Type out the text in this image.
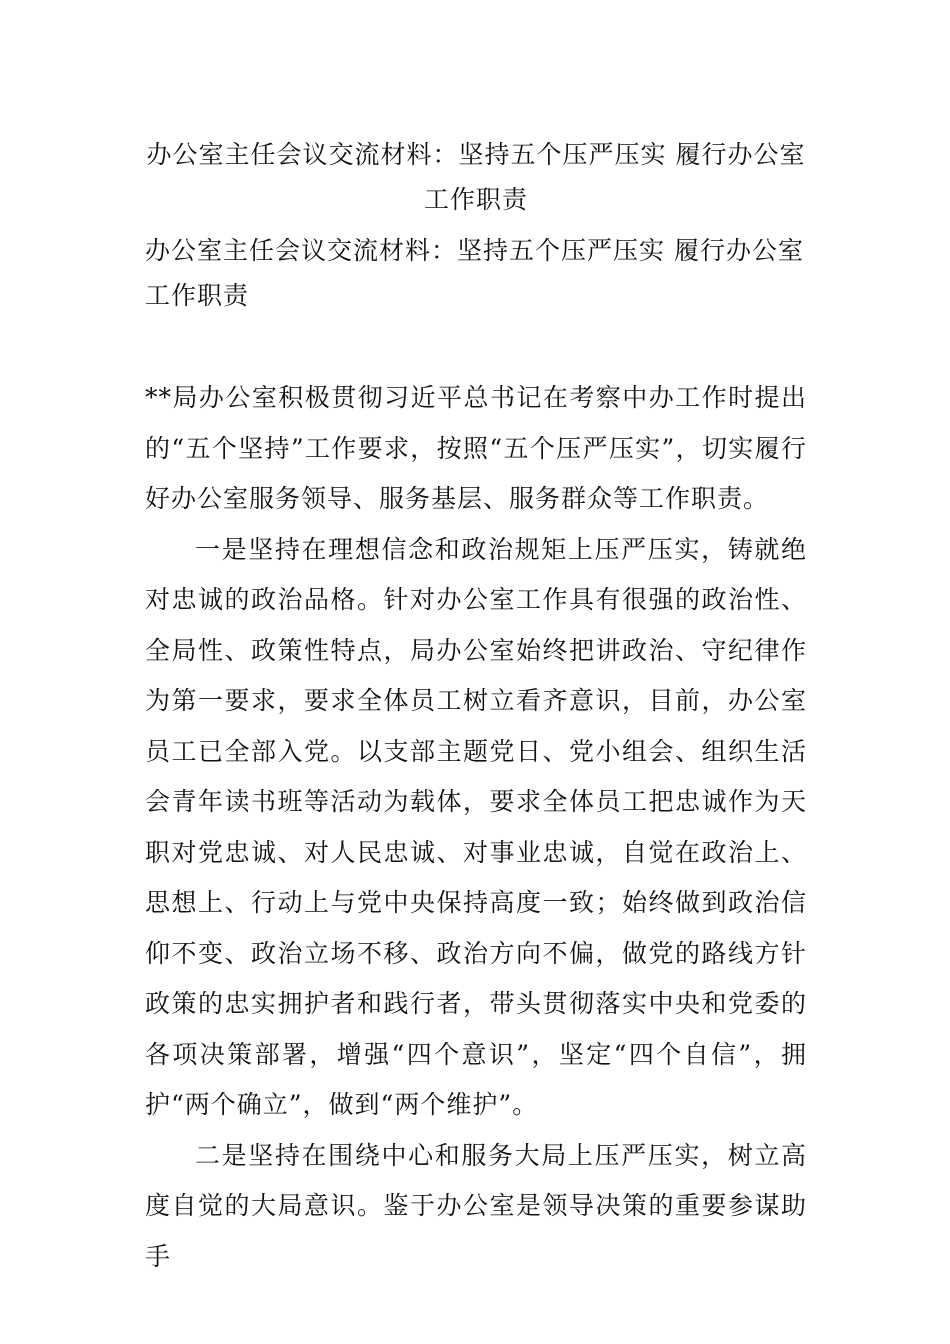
办公室主任会议交流材料：坚持五个压严压实 履行办公室工作职责
办公室主任会议交流材料：坚持五个压严压实 履行办公室工作职责

**局办公室积极贯彻习近平总书记在考察中办工作时提出的“五个坚持”工作要求，按照“五个压严压实”，切实履行好办公室服务领导、服务基层、服务群众等工作职责。

一是坚持在理想信念和政治规矩上压严压实，铸就绝对忠诚的政治品格。针对办公室工作具有很强的政治性、全局性、政策性特点，局办公室始终把讲政治、守纪律作为第一要求，要求全体员工树立看齐意识，目前，办公室员工已全部入党。以支部主题党日、党小组会、组织生活会青年读书班等活动为载体，要求全体员工把忠诚作为天职对党忠诚、对人民忠诚、对事业忠诚，自觉在政治上、思想上、行动上与党中央保持高度一致；始终做到政治信仰不变、政治立场不移、政治方向不偏，做党的路线方针政策的忠实拥护者和践行者，带头贯彻落实中央和党委的各项决策部署，增强“四个意识”，坚定“四个自信”，拥护“两个确立”，做到“两个维护”。

二是坚持在围绕中心和服务大局上压严压实，树立高度自觉的大局意识。鉴于办公室是领导决策的重要参谋助手
